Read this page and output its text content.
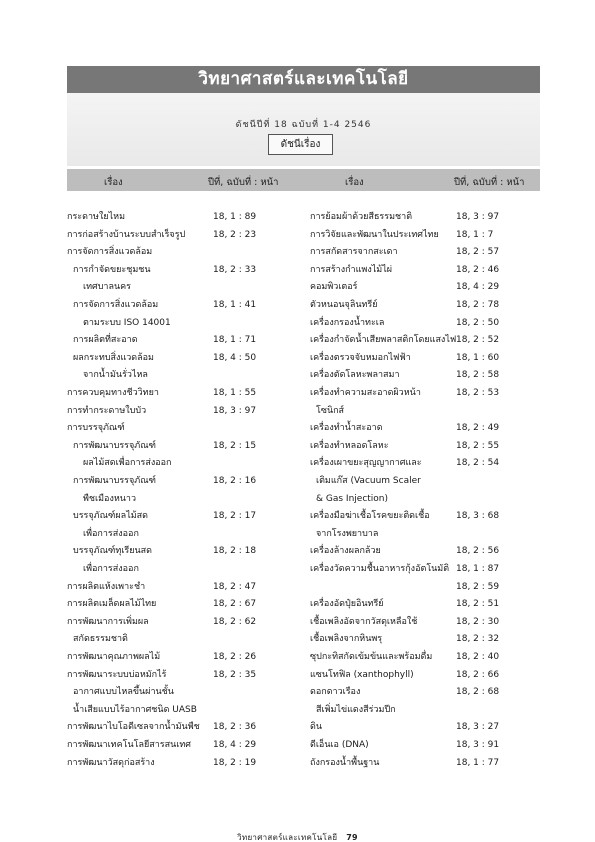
วิทยาศาสตร์และเทคโนโลยี
ดัชนีปีที่ 18 ฉบับที่ 1-4 2546
ดัชนีเรื่อง
เรื่อง	ปีที่, ฉบับที่ : หน้า	เรื่อง	ปีที่, ฉบับที่ : หน้า
กระดาษใยไหม	18, 1 : 89
การก่อสร้างบ้านระบบสำเร็จรูป	18, 2 : 23
การจัดการสิ่งแวดล้อม
การกำจัดขยะชุมชน	18, 2 : 33
เทศบาลนคร
การจัดการสิ่งแวดล้อม	18, 1 : 41
ตามระบบ ISO 14001
การผลิตที่สะอาด	18, 1 : 71
ผลกระทบสิ่งแวดล้อม	18, 4 : 50
จากน้ำมันรั่วไหล
การควบคุมทางชีววิทยา	18, 1 : 55
การทำกระดาษใบบัว	18, 3 : 97
การบรรจุภัณฑ์
การพัฒนาบรรจุภัณฑ์	18, 2 : 15
ผลไม้สดเพื่อการส่งออก
การพัฒนาบรรจุภัณฑ์	18, 2 : 16
พืชเมืองหนาว
บรรจุภัณฑ์ผลไม้สด	18, 2 : 17
เพื่อการส่งออก
บรรจุภัณฑ์ทุเรียนสด	18, 2 : 18
เพื่อการส่งออก
การผลิตแห้งเพาะชำ	18, 2 : 47
การผลิตเมล็ดผลไม้ไทย	18, 2 : 67
การพัฒนาการเพิ่มผล	18, 2 : 62
สกัดธรรมชาติ
การพัฒนาคุณภาพผลไม้	18, 2 : 26
การพัฒนาระบบบ่อหมักไร้	18, 2 : 35
อากาศแบบไหลขึ้นผ่านชั้น
น้ำเสียแบบไร้อากาศชนิด UASB
การพัฒนาไบโอดีเซลจากน้ำมันพืช 18, 2 : 36
การพัฒนาเทคโนโลยีสารสนเทศ 18, 4 : 29
การพัฒนาวัสดุก่อสร้าง	18, 2 : 19
การย้อมผ้าด้วยสีธรรมชาติ	18, 3 : 97
การวิจัยและพัฒนาในประเทศไทย 18, 1 : 7
การสกัดสารจากสะเดา	18, 2 : 57
การสร้างกำแพงไม้ไผ่	18, 2 : 46
คอมพิวเตอร์	18, 4 : 29
ตัวหนอนจุลินทรีย์	18, 2 : 78
เครื่องกรองน้ำทะเล	18, 2 : 50
เครื่องกำจัดน้ำเสียพลาสติกโดยแสงไฟ 18, 2 : 52
เครื่องตรวจจับหมอกไฟฟ้า	18, 1 : 60
เครื่องตัดโลหะพลาสมา	18, 2 : 58
เครื่องทำความสะอาดผิวหน้า	18, 2 : 53
โซนิกส์
เครื่องทำน้ำสะอาด	18, 2 : 49
เครื่องทำหลอดโลหะ	18, 2 : 55
เครื่องเผาขยะสุญญากาศและ	18, 2 : 54
เติมแก๊ส (Vacuum Scaler
& Gas Injection)
เครื่องมือฆ่าเชื้อโรคขยะติดเชื้อ	18, 3 : 68
จากโรงพยาบาล
เครื่องล้างผลกล้วย	18, 2 : 56
เครื่องวัดความชื้นอาหารกุ้งอัตโนมัติ 18, 1 : 87
18, 2 : 59
เครื่องอัดปุ๋ยอินทรีย์	18, 2 : 51
เชื้อเพลิงอัดจากวัสดุเหลือใช้	18, 2 : 30
เชื้อเพลิงจากหินพรุ	18, 2 : 32
ซุปกะทิสกัดเข้มข้นและพร้อมดื่ม	18, 2 : 40
แซนโทฟิล (xanthophyll)	18, 2 : 66
ดอกดาวเรือง	18, 2 : 68
สีเพิ่มไข่แดงสีร่วมปีก
ดิน	18, 3 : 27
ดีเอ็นเอ (DNA)	18, 3 : 91
ถังกรองน้ำพื้นฐาน	18, 1 : 77
วิทยาศาสตร์และเทคโนโลยี 79
